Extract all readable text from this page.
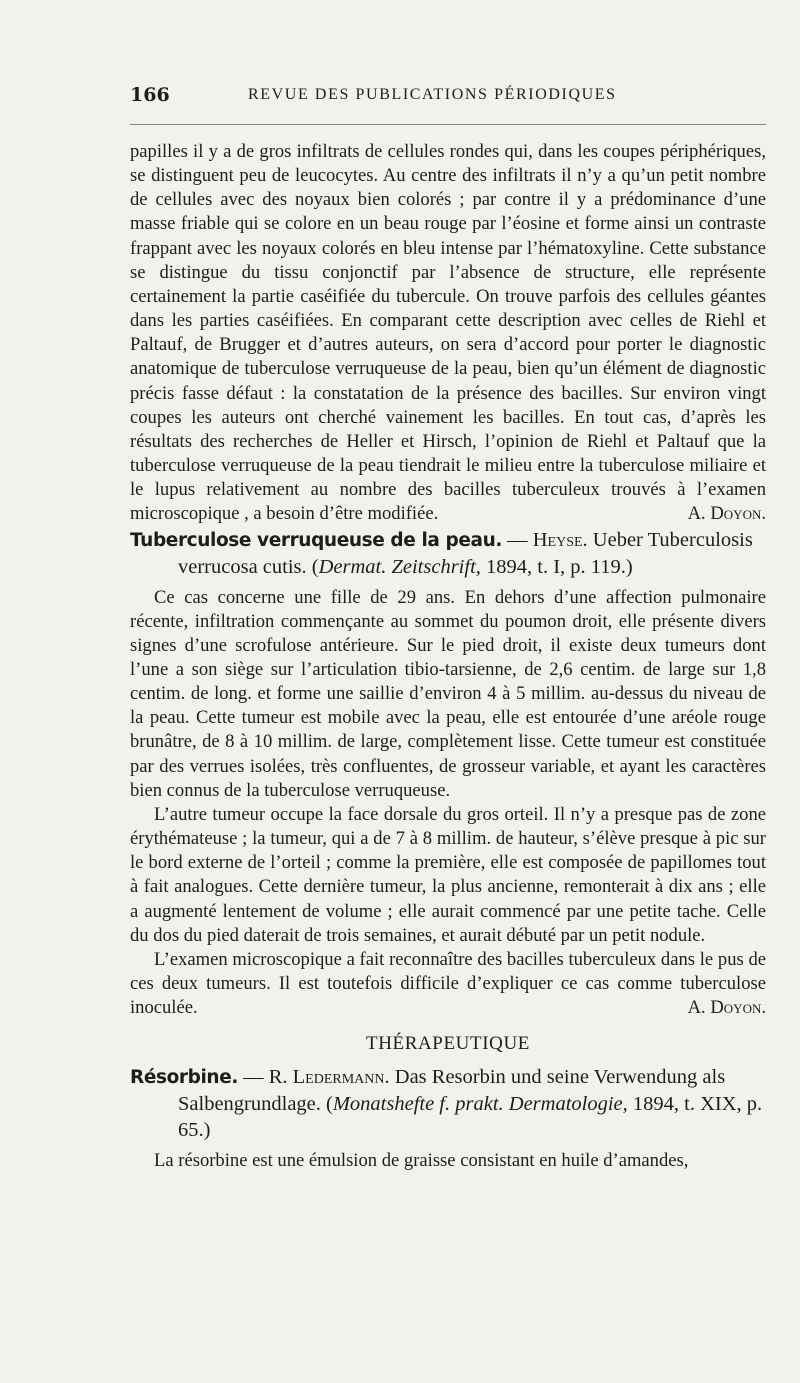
166	REVUE DES PUBLICATIONS PÉRIODIQUES

papilles il y a de gros infiltrats de cellules rondes qui, dans les coupes périphériques, se distinguent peu de leucocytes. Au centre des infiltrats il n’y a qu’un petit nombre de cellules avec des noyaux bien colorés ; par contre il y a prédominance d’une masse friable qui se colore en un beau rouge par l’éosine et forme ainsi un contraste frappant avec les noyaux colorés en bleu intense par l’hématoxyline. Cette substance se distingue du tissu conjonctif par l’absence de structure, elle représente certainement la partie caséifiée du tubercule. On trouve parfois des cellules géantes dans les parties caséifiées. En comparant cette description avec celles de Riehl et Paltauf, de Brugger et d’autres auteurs, on sera d’accord pour porter le diagnostic anatomique de tuberculose verruqueuse de la peau, bien qu’un élément de diagnostic précis fasse défaut : la constatation de la présence des bacilles. Sur environ vingt coupes les auteurs ont cherché vainement les bacilles. En tout cas, d’après les résultats des recherches de Heller et Hirsch, l’opinion de Riehl et Paltauf que la tuberculose verruqueuse de la peau tiendrait le milieu entre la tuberculose miliaire et le lupus relativement au nombre des bacilles tuberculeux trouvés à l’examen microscopique , a besoin d’être modifiée.	A. Doyon.

Tuberculose verruqueuse de la peau. — Heyse. Ueber Tuberculosis verrucosa cutis. (Dermat. Zeitschrift, 1894, t. I, p. 119.)

Ce cas concerne une fille de 29 ans. En dehors d’une affection pulmonaire récente, infiltration commençante au sommet du poumon droit, elle présente divers signes d’une scrofulose antérieure. Sur le pied droit, il existe deux tumeurs dont l’une a son siège sur l’articulation tibio-tarsienne, de 2,6 centim. de large sur 1,8 centim. de long. et forme une saillie d’environ 4 à 5 millim. au-dessus du niveau de la peau. Cette tumeur est mobile avec la peau, elle est entourée d’une aréole rouge brunâtre, de 8 à 10 millim. de large, complètement lisse. Cette tumeur est constituée par des verrues isolées, très confluentes, de grosseur variable, et ayant les caractères bien connus de la tuberculose verruqueuse.

L’autre tumeur occupe la face dorsale du gros orteil. Il n’y a presque pas de zone érythémateuse ; la tumeur, qui a de 7 à 8 millim. de hauteur, s’élève presque à pic sur le bord externe de l’orteil ; comme la première, elle est composée de papillomes tout à fait analogues. Cette dernière tumeur, la plus ancienne, remonterait à dix ans ; elle a augmenté lentement de volume ; elle aurait commencé par une petite tache. Celle du dos du pied daterait de trois semaines, et aurait débuté par un petit nodule.

L’examen microscopique a fait reconnaître des bacilles tuberculeux dans le pus de ces deux tumeurs. Il est toutefois difficile d’expliquer ce cas comme tuberculose inoculée.	A. Doyon.

THÉRAPEUTIQUE

Résorbine. — R. Ledermann. Das Resorbin und seine Verwendung als Salbengrundlage. (Monatshefte f. prakt. Dermatologie, 1894, t. XIX, p. 65.)

La résorbine est une émulsion de graisse consistant en huile d’amandes,
